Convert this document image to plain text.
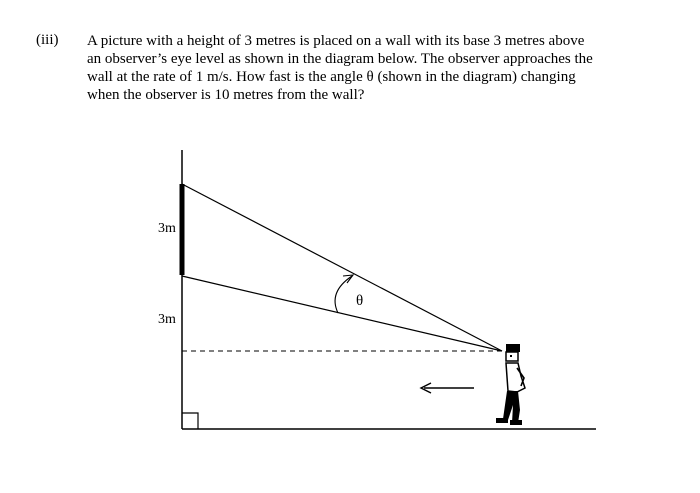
(iii) A picture with a height of 3 metres is placed on a wall with its base 3 metres above
an observer’s eye level as shown in the diagram below. The observer approaches the
wall at the rate of 1 m/s. How fast is the angle θ (shown in the diagram) changing
when the observer is 10 metres from the wall?
θ
3m
3m
